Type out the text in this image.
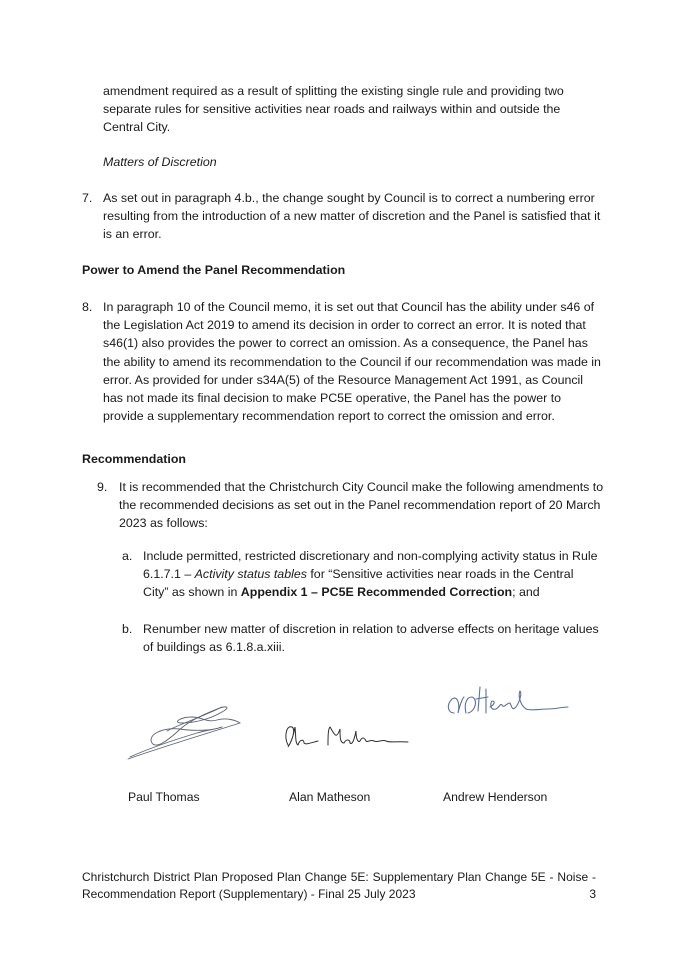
amendment required as a result of splitting the existing single rule and providing two separate rules for sensitive activities near roads and railways within and outside the Central City.

Matters of Discretion

7. As set out in paragraph 4.b., the change sought by Council is to correct a numbering error resulting from the introduction of a new matter of discretion and the Panel is satisfied that it is an error.

Power to Amend the Panel Recommendation

8. In paragraph 10 of the Council memo, it is set out that Council has the ability under s46 of the Legislation Act 2019 to amend its decision in order to correct an error. It is noted that s46(1) also provides the power to correct an omission. As a consequence, the Panel has the ability to amend its recommendation to the Council if our recommendation was made in error. As provided for under s34A(5) of the Resource Management Act 1991, as Council has not made its final decision to make PC5E operative, the Panel has the power to provide a supplementary recommendation report to correct the omission and error.

Recommendation

9. It is recommended that the Christchurch City Council make the following amendments to the recommended decisions as set out in the Panel recommendation report of 20 March 2023 as follows:

a. Include permitted, restricted discretionary and non-complying activity status in Rule 6.1.7.1 – Activity status tables for “Sensitive activities near roads in the Central City” as shown in Appendix 1 – PC5E Recommended Correction; and

b. Renumber new matter of discretion in relation to adverse effects on heritage values of buildings as 6.1.8.a.xiii.

Paul Thomas	Alan Matheson	Andrew Henderson
Christchurch District Plan Proposed Plan Change 5E: Supplementary Plan Change 5E - Noise -
Recommendation Report (Supplementary) - Final 25 July 2023	3
